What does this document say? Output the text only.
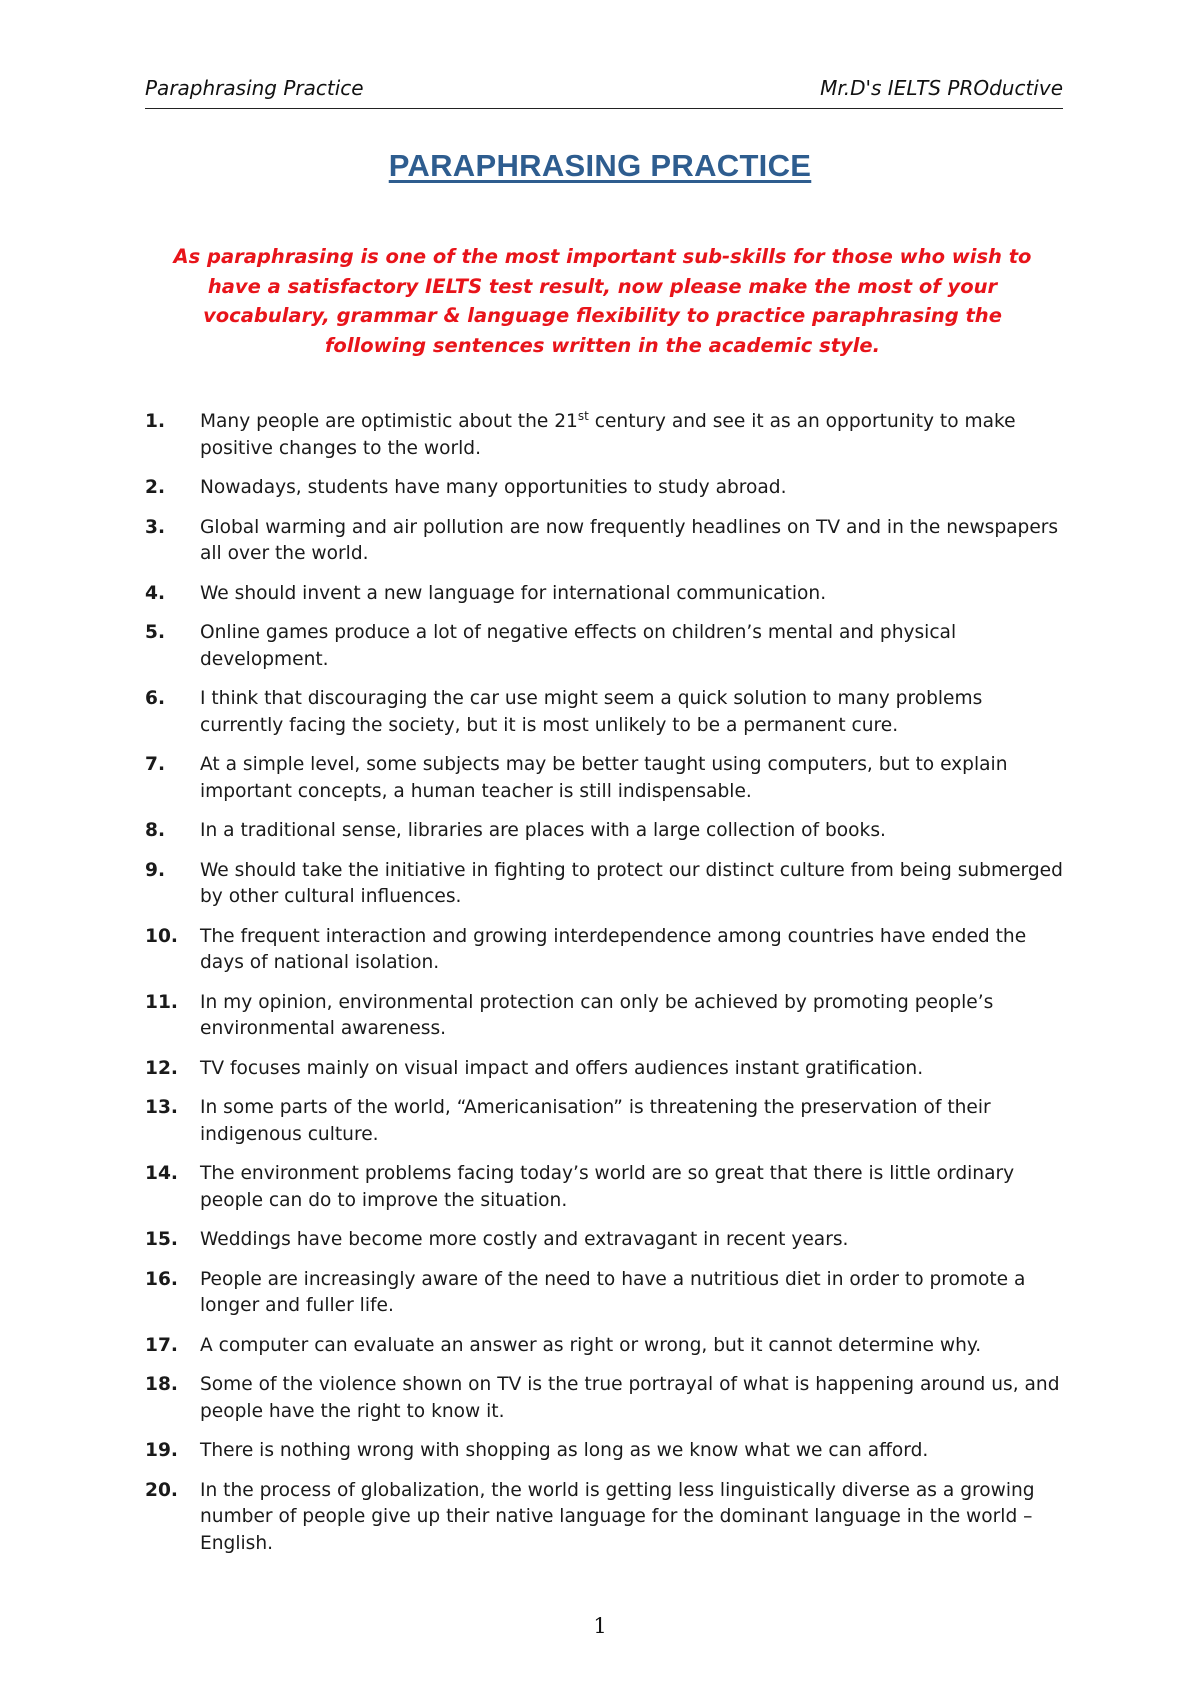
Paraphrasing Practice	Mr.D's IELTS PROductive
PARAPHRASING PRACTICE
As paraphrasing is one of the most important sub-skills for those who wish to have a satisfactory IELTS test result, now please make the most of your vocabulary, grammar & language flexibility to practice paraphrasing the following sentences written in the academic style.
1. Many people are optimistic about the 21st century and see it as an opportunity to make positive changes to the world.
2. Nowadays, students have many opportunities to study abroad.
3. Global warming and air pollution are now frequently headlines on TV and in the newspapers all over the world.
4. We should invent a new language for international communication.
5. Online games produce a lot of negative effects on children’s mental and physical development.
6. I think that discouraging the car use might seem a quick solution to many problems currently facing the society, but it is most unlikely to be a permanent cure.
7. At a simple level, some subjects may be better taught using computers, but to explain important concepts, a human teacher is still indispensable.
8. In a traditional sense, libraries are places with a large collection of books.
9. We should take the initiative in fighting to protect our distinct culture from being submerged by other cultural influences.
10. The frequent interaction and growing interdependence among countries have ended the days of national isolation.
11. In my opinion, environmental protection can only be achieved by promoting people’s environmental awareness.
12. TV focuses mainly on visual impact and offers audiences instant gratification.
13. In some parts of the world, “Americanisation” is threatening the preservation of their indigenous culture.
14. The environment problems facing today’s world are so great that there is little ordinary people can do to improve the situation.
15. Weddings have become more costly and extravagant in recent years.
16. People are increasingly aware of the need to have a nutritious diet in order to promote a longer and fuller life.
17. A computer can evaluate an answer as right or wrong, but it cannot determine why.
18. Some of the violence shown on TV is the true portrayal of what is happening around us, and people have the right to know it.
19. There is nothing wrong with shopping as long as we know what we can afford.
20. In the process of globalization, the world is getting less linguistically diverse as a growing number of people give up their native language for the dominant language in the world – English.
1
